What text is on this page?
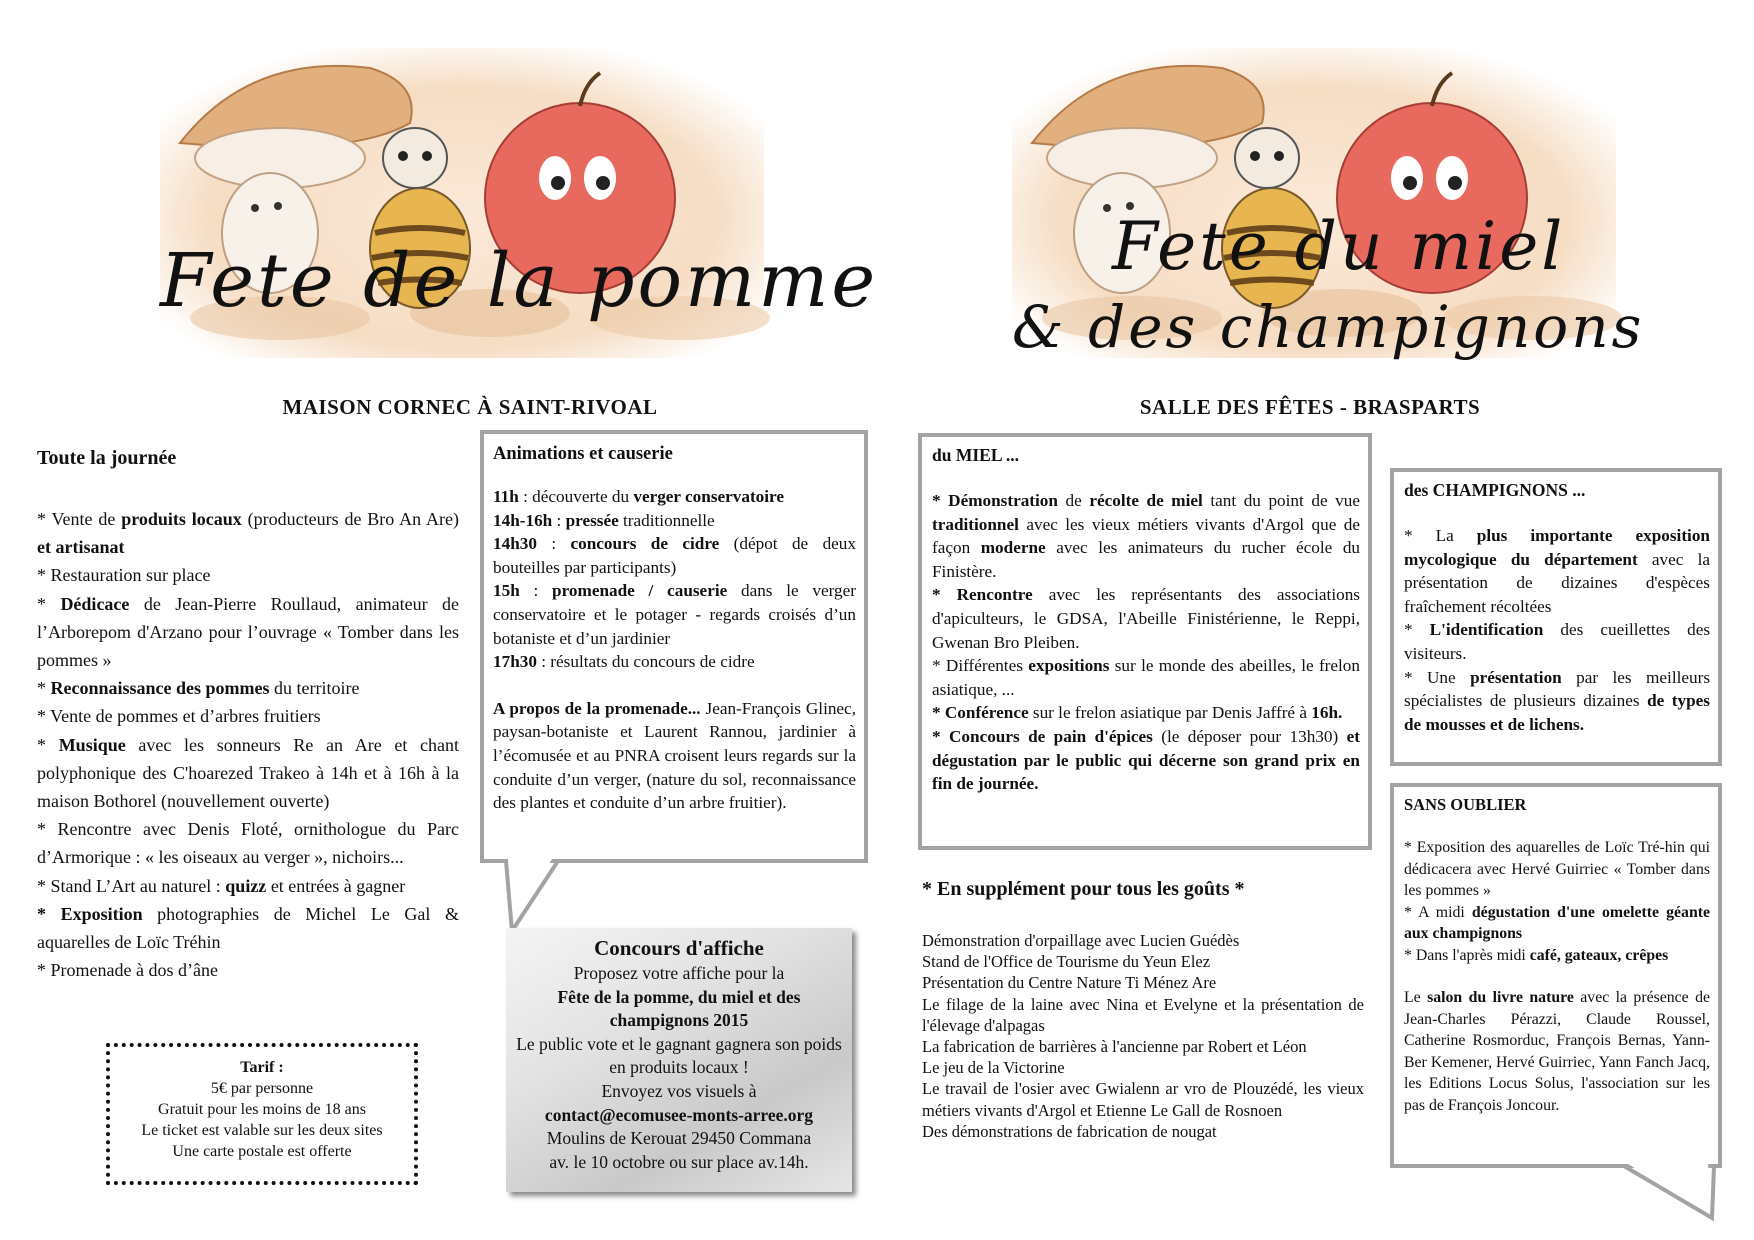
Fete de la pomme	Fete du miel
& des champignons
MAISON CORNEC À SAINT-RIVOAL	SALLE DES FÊTES - BRASPARTS
Toute la journée

* Vente de produits locaux (producteurs de Bro An Are) et artisanat

* Restauration sur place

* Dédicace de Jean-Pierre Roullaud, animateur de l’Arborepom d'Arzano pour l’ouvrage « Tomber dans les pommes »

* Reconnaissance des pommes du territoire

* Vente de pommes et d’arbres fruitiers

* Musique avec les sonneurs Re an Are et chant polyphonique des C'hoarezed Trakeo à 14h et à 16h à la maison Bothorel (nouvellement ouverte)

* Rencontre avec Denis Floté, ornithologue du Parc d’Armorique : « les oiseaux au verger », nichoirs...

* Stand L’Art au naturel : quizz et entrées à gagner

* Exposition photographies de Michel Le Gal & aquarelles de Loïc Tréhin

* Promenade à dos d’âne

Tarif :
5€ par personne
Gratuit pour les moins de 18 ans
Le ticket est valable sur les deux sites
Une carte postale est offerte
Animations et causerie

11h : découverte du verger conservatoire

14h-16h : pressée traditionnelle

14h30 : concours de cidre (dépot de deux bouteilles par participants)

15h : promenade / causerie dans le verger conservatoire et le potager - regards croisés d’un botaniste et d’un jardinier

17h30 : résultats du concours de cidre

A propos de la promenade... Jean-François Glinec, paysan-botaniste et Laurent Rannou, jardinier à l’écomusée et au PNRA croisent leurs regards sur la conduite d’un verger, (nature du sol, reconnaissance des plantes et conduite d’un arbre fruitier).

Concours d'affiche
Proposez votre affiche pour la
Fête de la pomme, du miel et des champignons 2015
Le public vote et le gagnant gagnera son poids en produits locaux !
Envoyez vos visuels à
contact@ecomusee-monts-arree.org
Moulins de Kerouat 29450 Commana
av. le 10 octobre ou sur place av.14h.
du MIEL ...

* Démonstration de récolte de miel tant du point de vue traditionnel avec les vieux métiers vivants d'Argol que de façon moderne avec les animateurs du rucher école du Finistère.

* Rencontre avec les représentants des associations d'apiculteurs, le GDSA, l'Abeille Finistérienne, le Reppi, Gwenan Bro Pleiben.

* Différentes expositions sur le monde des abeilles, le frelon asiatique, ...

* Conférence sur le frelon asiatique par Denis Jaffré à 16h.

* Concours de pain d'épices (le déposer pour 13h30) et dégustation par le public qui décerne son grand prix en fin de journée.

* En supplément pour tous les goûts *
Démonstration d'orpaillage avec Lucien Guédès
Stand de l'Office de Tourisme du Yeun Elez
Présentation du Centre Nature Ti Ménez Are
Le filage de la laine avec Nina et Evelyne et la présentation de l'élevage d'alpagas
La fabrication de barrières à l'ancienne par Robert et Léon
Le jeu de la Victorine
Le travail de l'osier avec Gwialenn ar vro de Plouzédé, les vieux métiers vivants d'Argol et Etienne Le Gall de Rosnoen
Des démonstrations de fabrication de nougat
des CHAMPIGNONS ...

* La plus importante exposition mycologique du département avec la présentation de dizaines d'espèces fraîchement récoltées

* L'identification des cueillettes des visiteurs.

* Une présentation par les meilleurs spécialistes de plusieurs dizaines de types de mousses et de lichens.

SANS OUBLIER

* Exposition des aquarelles de Loïc Tré-hin qui dédicacera avec Hervé Guirriec « Tomber dans les pommes »

* A midi dégustation d'une omelette géante aux champignons

* Dans l'après midi café, gateaux, crêpes

Le salon du livre nature avec la présence de Jean-Charles Pérazzi, Claude Roussel, Catherine Rosmorduc, François Bernas, Yann-Ber Kemener, Hervé Guirriec, Yann Fanch Jacq, les Editions Locus Solus, l'association sur les pas de François Joncour.
